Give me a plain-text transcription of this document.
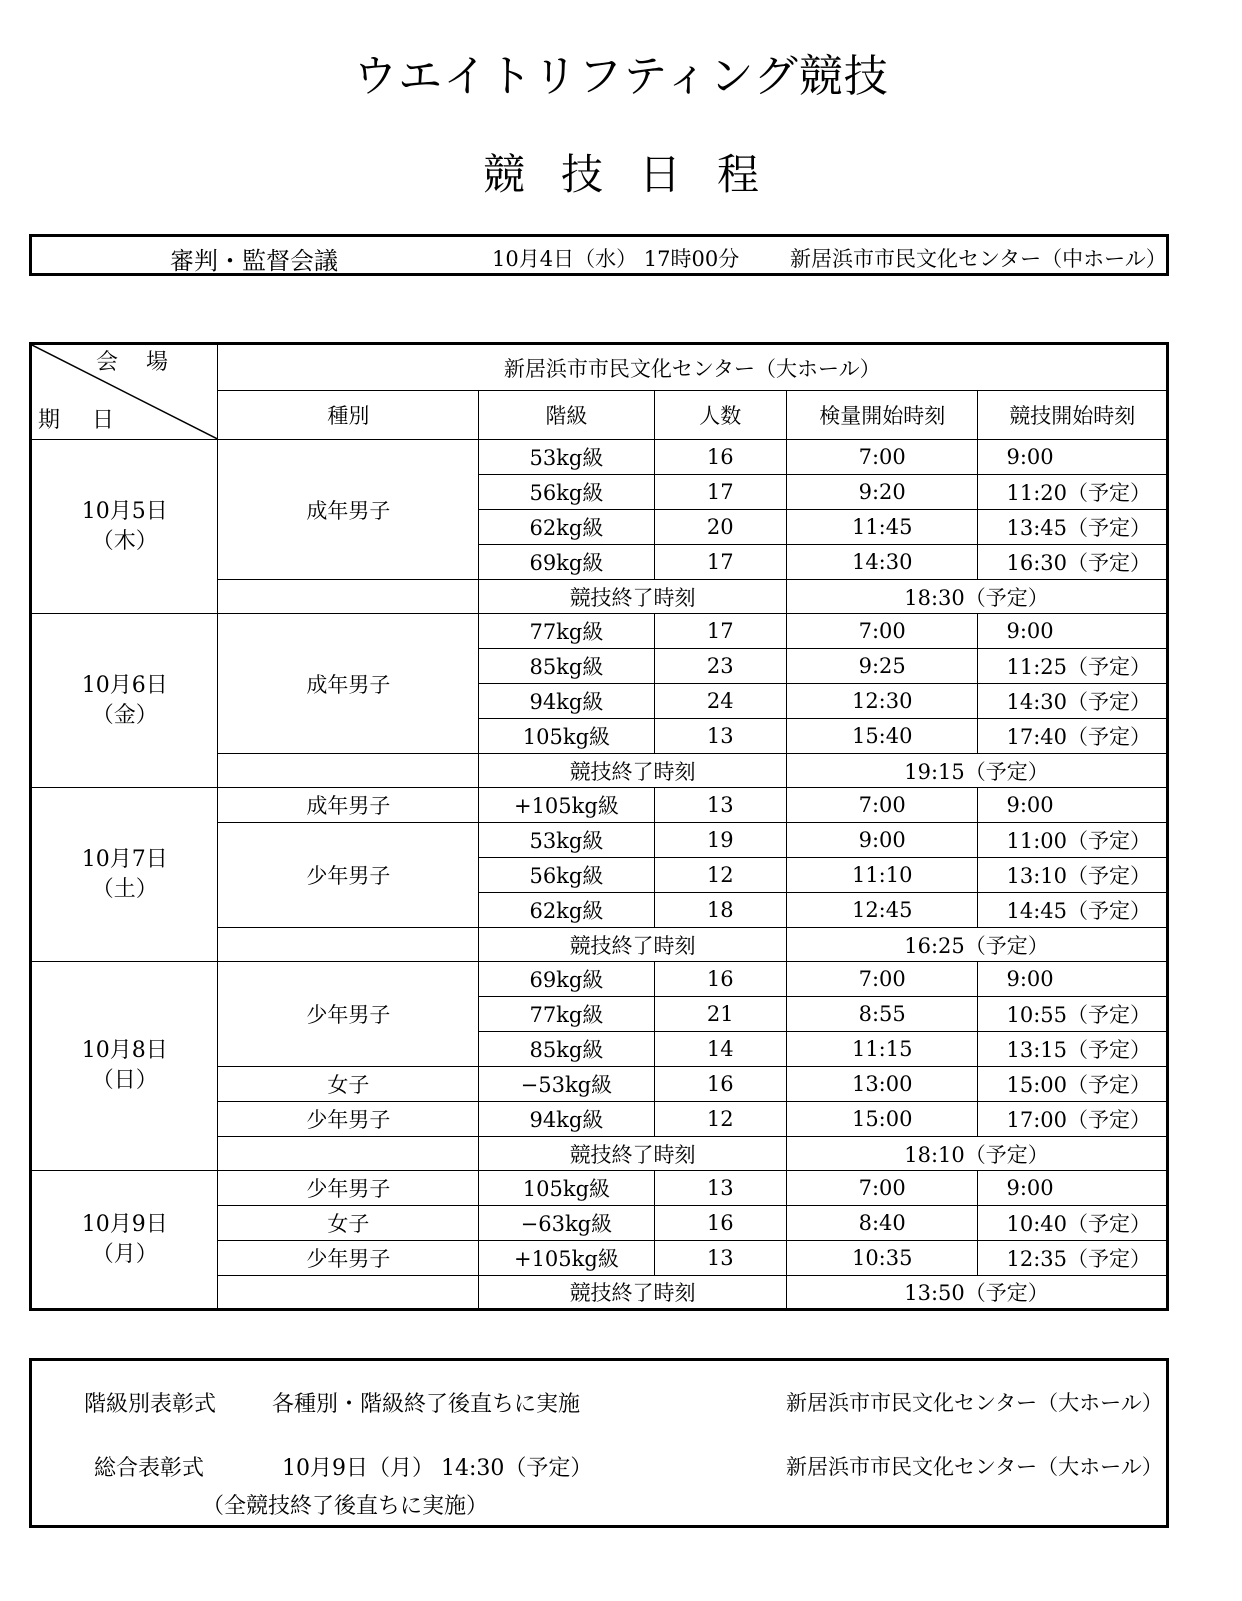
ウエイトリフティング競技
競技日程
審判・監督会議	10月4日（水） 17時00分 新居浜市市民文化センター（中ホール）
会場
期日	新居浜市市民文化センター（大ホール）				
	種別	階級	人数	検量開始時刻	競技開始時刻

10月5日
（木）	成年男子	53kg級	16	7:00	9:00
		56kg級	17	9:20	11:20（予定）
		62kg級	20	11:45	13:45（予定）
		69kg級	17	14:30	16:30（予定）
		競技終了時刻		18:30（予定）	

10月6日
（金）	成年男子	77kg級	17	7:00	9:00
		85kg級	23	9:25	11:25（予定）
		94kg級	24	12:30	14:30（予定）
		105kg級	13	15:40	17:40（予定）
		競技終了時刻		19:15（予定）	

10月7日
（土）	成年男子	+105kg級	13	7:00	9:00
	少年男子	53kg級	19	9:00	11:00（予定）
		56kg級	12	11:10	13:10（予定）
		62kg級	18	12:45	14:45（予定）
		競技終了時刻		16:25（予定）	

10月8日
（日）	少年男子	69kg級	16	7:00	9:00
		77kg級	21	8:55	10:55（予定）
		85kg級	14	11:15	13:15（予定）
	女子	−53kg級	16	13:00	15:00（予定）
	少年男子	94kg級	12	15:00	17:00（予定）
		競技終了時刻		18:10（予定）	

10月9日
（月）	少年男子	105kg級	13	7:00	9:00
	女子	−63kg級	16	8:40	10:40（予定）
	少年男子	+105kg級	13	10:35	12:35（予定）
		競技終了時刻		13:50（予定）	
階級別表彰式	各種別・階級終了後直ちに実施	新居浜市市民文化センター（大ホール）
総合表彰式	10月9日（月） 14:30（予定）	新居浜市市民文化センター（大ホール）
（全競技終了後直ちに実施）
